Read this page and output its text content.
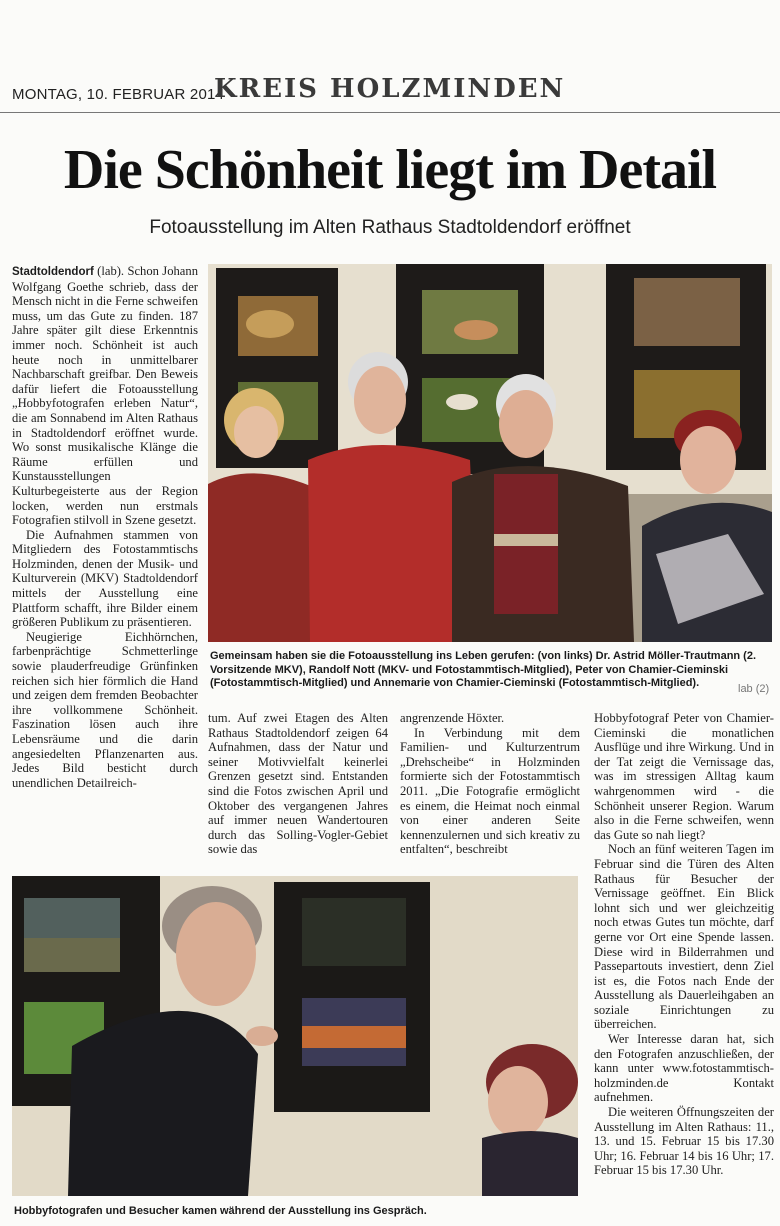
MONTAG, 10. FEBRUAR 2014
KREIS HOLZMINDEN
Die Schönheit liegt im Detail
Fotoausstellung im Alten Rathaus Stadtoldendorf eröffnet

Stadtoldendorf (lab). Schon Johann Wolfgang Goethe schrieb, dass der Mensch nicht in die Ferne schweifen muss, um das Gute zu finden. 187 Jahre später gilt diese Erkenntnis immer noch. Schönheit ist auch heute noch in unmittelbarer Nachbarschaft greifbar. Den Beweis dafür liefert die Fotoausstellung „Hobbyfotografen erleben Natur“, die am Sonnabend im Alten Rathaus in Stadtoldendorf eröffnet wurde. Wo sonst musikalische Klänge die Räume erfüllen und Kunstausstellungen Kulturbegeisterte aus der Region locken, werden nun erstmals Fotografien stilvoll in Szene gesetzt.

Die Aufnahmen stammen von Mitgliedern des Fotostammtischs Holzminden, denen der Musik- und Kulturverein (MKV) Stadtoldendorf mittels der Ausstellung eine Plattform schafft, ihre Bilder einem größeren Publikum zu präsentieren.

Neugierige Eichhörnchen, farbenprächtige Schmetterlinge sowie plauderfreudige Grünfinken reichen sich hier förmlich die Hand und zeigen dem fremden Beobachter ihre vollkommene Schönheit. Faszination lösen auch ihre Lebensräume und die darin angesiedelten Pflanzenarten aus. Jedes Bild besticht durch unendlichen Detailreich-

Gemeinsam haben sie die Fotoausstellung ins Leben gerufen: (von links) Dr. Astrid Möller-Trautmann (2. Vorsitzende MKV), Randolf Nott (MKV- und Fotostammtisch-Mitglied), Peter von Chamier-Cieminski (Fotostammtisch-Mitglied) und Annemarie von Chamier-Cieminski (Fotostammtisch-Mitglied).	lab (2)

tum. Auf zwei Etagen des Alten Rathaus Stadtoldendorf zeigen 64 Aufnahmen, dass der Natur und seiner Motivvielfalt keinerlei Grenzen gesetzt sind. Entstanden sind die Fotos zwischen April und Oktober des vergangenen Jahres auf immer neuen Wandertouren durch das Solling-Vogler-Gebiet sowie das

angrenzende Höxter.

In Verbindung mit dem Familien- und Kulturzentrum „Drehscheibe“ in Holzminden formierte sich der Fotostammtisch 2011. „Die Fotografie ermöglicht es einem, die Heimat noch einmal von einer anderen Seite kennenzulernen und sich kreativ zu entfalten“, beschreibt

Hobbyfotograf Peter von Chamier-Cieminski die monatlichen Ausflüge und ihre Wirkung. Und in der Tat zeigt die Vernissage das, was im stressigen Alltag kaum wahrgenommen wird - die Schönheit unserer Region. Warum also in die Ferne schweifen, wenn das Gute so nah liegt?

Noch an fünf weiteren Tagen im Februar sind die Türen des Alten Rathaus für Besucher der Vernissage geöffnet. Ein Blick lohnt sich und wer gleichzeitig noch etwas Gutes tun möchte, darf gerne vor Ort eine Spende lassen. Diese wird in Bilderrahmen und Passepartouts investiert, denn Ziel ist es, die Fotos nach Ende der Ausstellung als Dauerleihgaben an soziale Einrichtungen zu überreichen.

Wer Interesse daran hat, sich den Fotografen anzuschließen, der kann unter www.fotostammtisch-holzminden.de Kontakt aufnehmen.

Die weiteren Öffnungszeiten der Ausstellung im Alten Rathaus: 11., 13. und 15. Februar 15 bis 17.30 Uhr; 16. Februar 14 bis 16 Uhr; 17. Februar 15 bis 17.30 Uhr.

Hobbyfotografen und Besucher kamen während der Ausstellung ins Gespräch.
